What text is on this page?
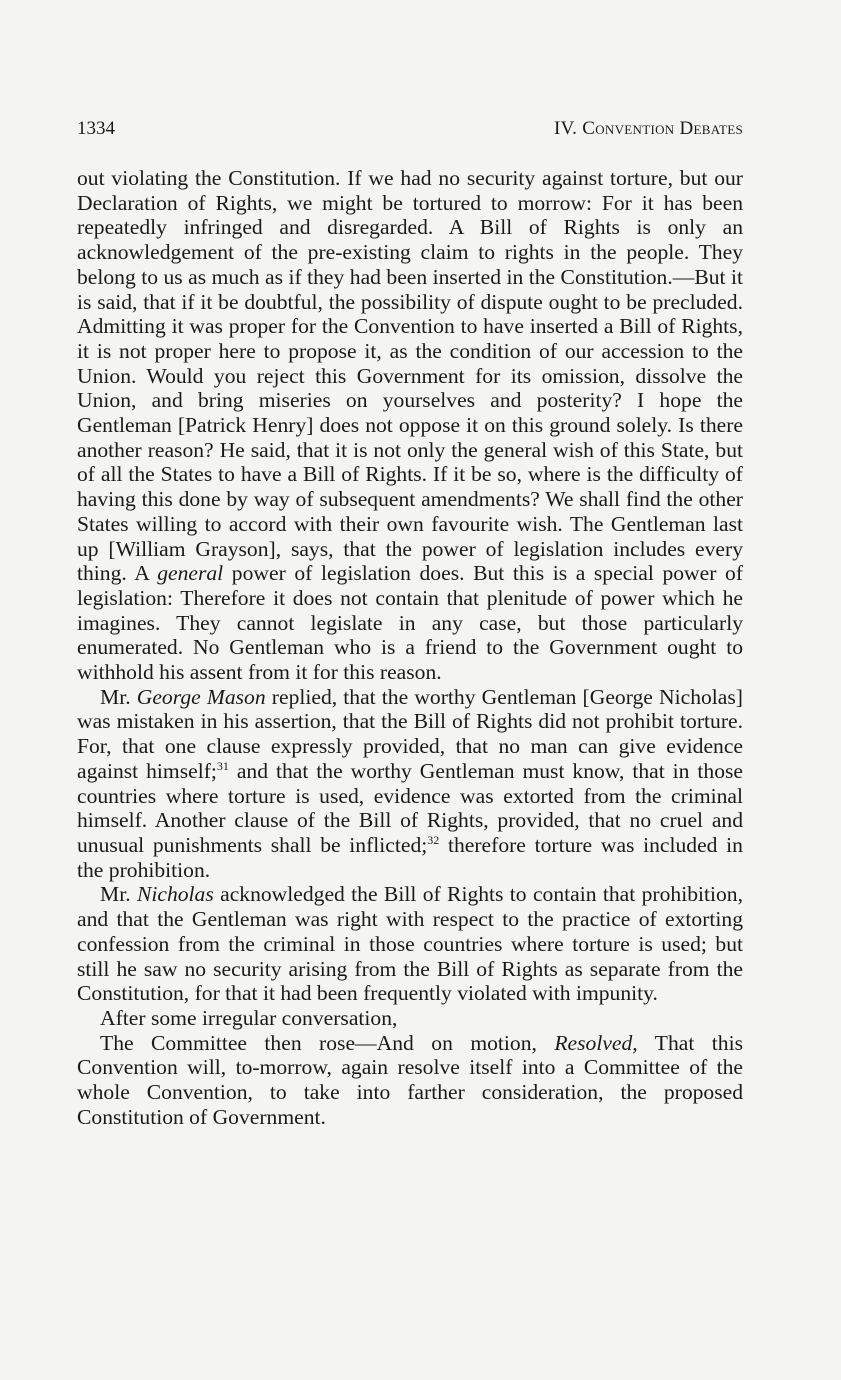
1334	IV. Convention Debates

out violating the Constitution. If we had no security against torture, but our Declaration of Rights, we might be tortured to morrow: For it has been repeatedly infringed and disregarded. A Bill of Rights is only an acknowledgement of the pre-existing claim to rights in the people. They belong to us as much as if they had been inserted in the Constitution.—But it is said, that if it be doubtful, the possibility of dispute ought to be precluded. Admitting it was proper for the Convention to have inserted a Bill of Rights, it is not proper here to propose it, as the condition of our accession to the Union. Would you reject this Government for its omission, dissolve the Union, and bring miseries on yourselves and posterity? I hope the Gentleman [Patrick Henry] does not oppose it on this ground solely. Is there another reason? He said, that it is not only the general wish of this State, but of all the States to have a Bill of Rights. If it be so, where is the difficulty of having this done by way of subsequent amendments? We shall find the other States willing to accord with their own favourite wish. The Gentleman last up [William Grayson], says, that the power of legislation includes every thing. A general power of legislation does. But this is a special power of legislation: Therefore it does not contain that plenitude of power which he imagines. They cannot legislate in any case, but those particularly enumerated. No Gentleman who is a friend to the Government ought to withhold his assent from it for this reason.

Mr. George Mason replied, that the worthy Gentleman [George Nicholas] was mistaken in his assertion, that the Bill of Rights did not prohibit torture. For, that one clause expressly provided, that no man can give evidence against himself;$^{31}$ and that the worthy Gentleman must know, that in those countries where torture is used, evidence was extorted from the criminal himself. Another clause of the Bill of Rights, provided, that no cruel and unusual punishments shall be inflicted;$^{32}$ therefore torture was included in the prohibition.

Mr. Nicholas acknowledged the Bill of Rights to contain that prohibition, and that the Gentleman was right with respect to the practice of extorting confession from the criminal in those countries where torture is used; but still he saw no security arising from the Bill of Rights as separate from the Constitution, for that it had been frequently violated with impunity.

After some irregular conversation,

The Committee then rose—And on motion, Resolved, That this Convention will, to-morrow, again resolve itself into a Committee of the whole Convention, to take into farther consideration, the proposed Constitution of Government.
